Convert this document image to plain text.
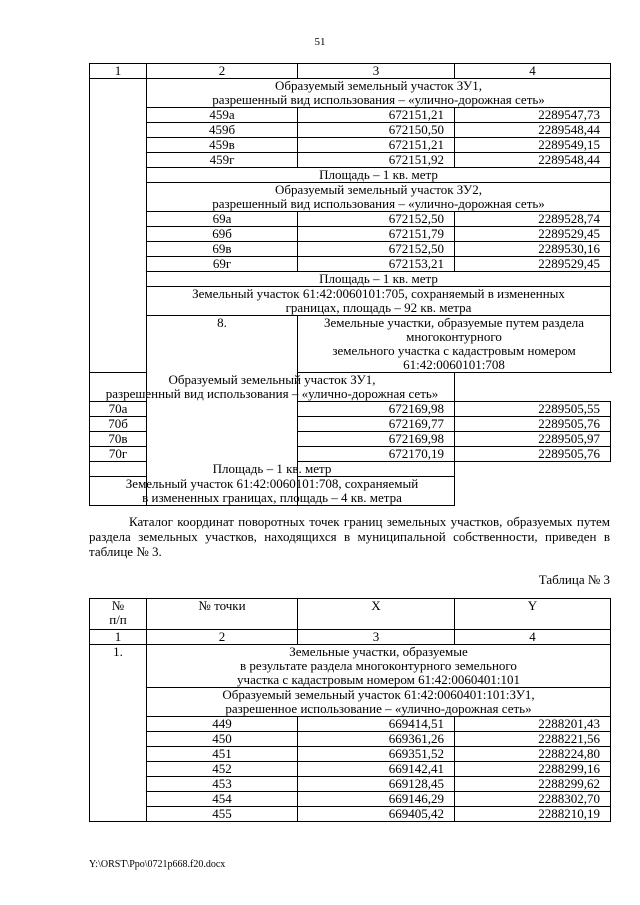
51
1	2	3	4

	Образуемый земельный участок ЗУ1,
разрешенный вид использования – «улично-дорожная сеть»		

	459а	672151,21	2289547,73
	459б	672150,50	2289548,44
	459в	672151,21	2289549,15
	459г	672151,92	2289548,44
	Площадь – 1 кв. метр		

	Образуемый земельный участок ЗУ2,
разрешенный вид использования – «улично-дорожная сеть»		

	69а	672152,50	2289528,74
	69б	672151,79	2289529,45
	69в	672152,50	2289530,16
	69г	672153,21	2289529,45
	Площадь – 1 кв. метр		

	Земельный участок 61:42:0060101:705, сохраняемый в измененных
границах, площадь – 92 кв. метра		

	8.	Земельные участки, образуемые путем раздела многоконтурного
земельного участка с кадастровым номером 61:42:0060101:708	

Образуемый земельный участок ЗУ1,
разрешенный вид использования – «улично-дорожная сеть»			

70а		672169,98	2289505,55
70б		672169,77	2289505,76
70в		672169,98	2289505,97
70г		672170,19	2289505,76
Площадь – 1 кв. метр			

Земельный участок 61:42:0060101:708, сохраняемый
в измененных границах, площадь – 4 кв. метра			

Каталог координат поворотных точек границ земельных участков, образуемых путем раздела земельных участков, находящихся в муниципальной собственности, приведен в таблице № 3.

Таблица № 3
№
п/п	№ точки	X	Y
1	2	3	4
1.	Земельные участки, образуемые
в результате раздела многоконтурного земельного
участка с кадастровым номером 61:42:0060401:101		

	Образуемый земельный участок 61:42:0060401:101:ЗУ1,
разрешенное использование – «улично-дорожная сеть»		

	449	669414,51	2288201,43
	450	669361,26	2288221,56
	451	669351,52	2288224,80
	452	669142,41	2288299,16
	453	669128,45	2288299,62
	454	669146,29	2288302,70
	455	669405,42	2288210,19
Y:\ORST\Ppo\0721p668.f20.docx
